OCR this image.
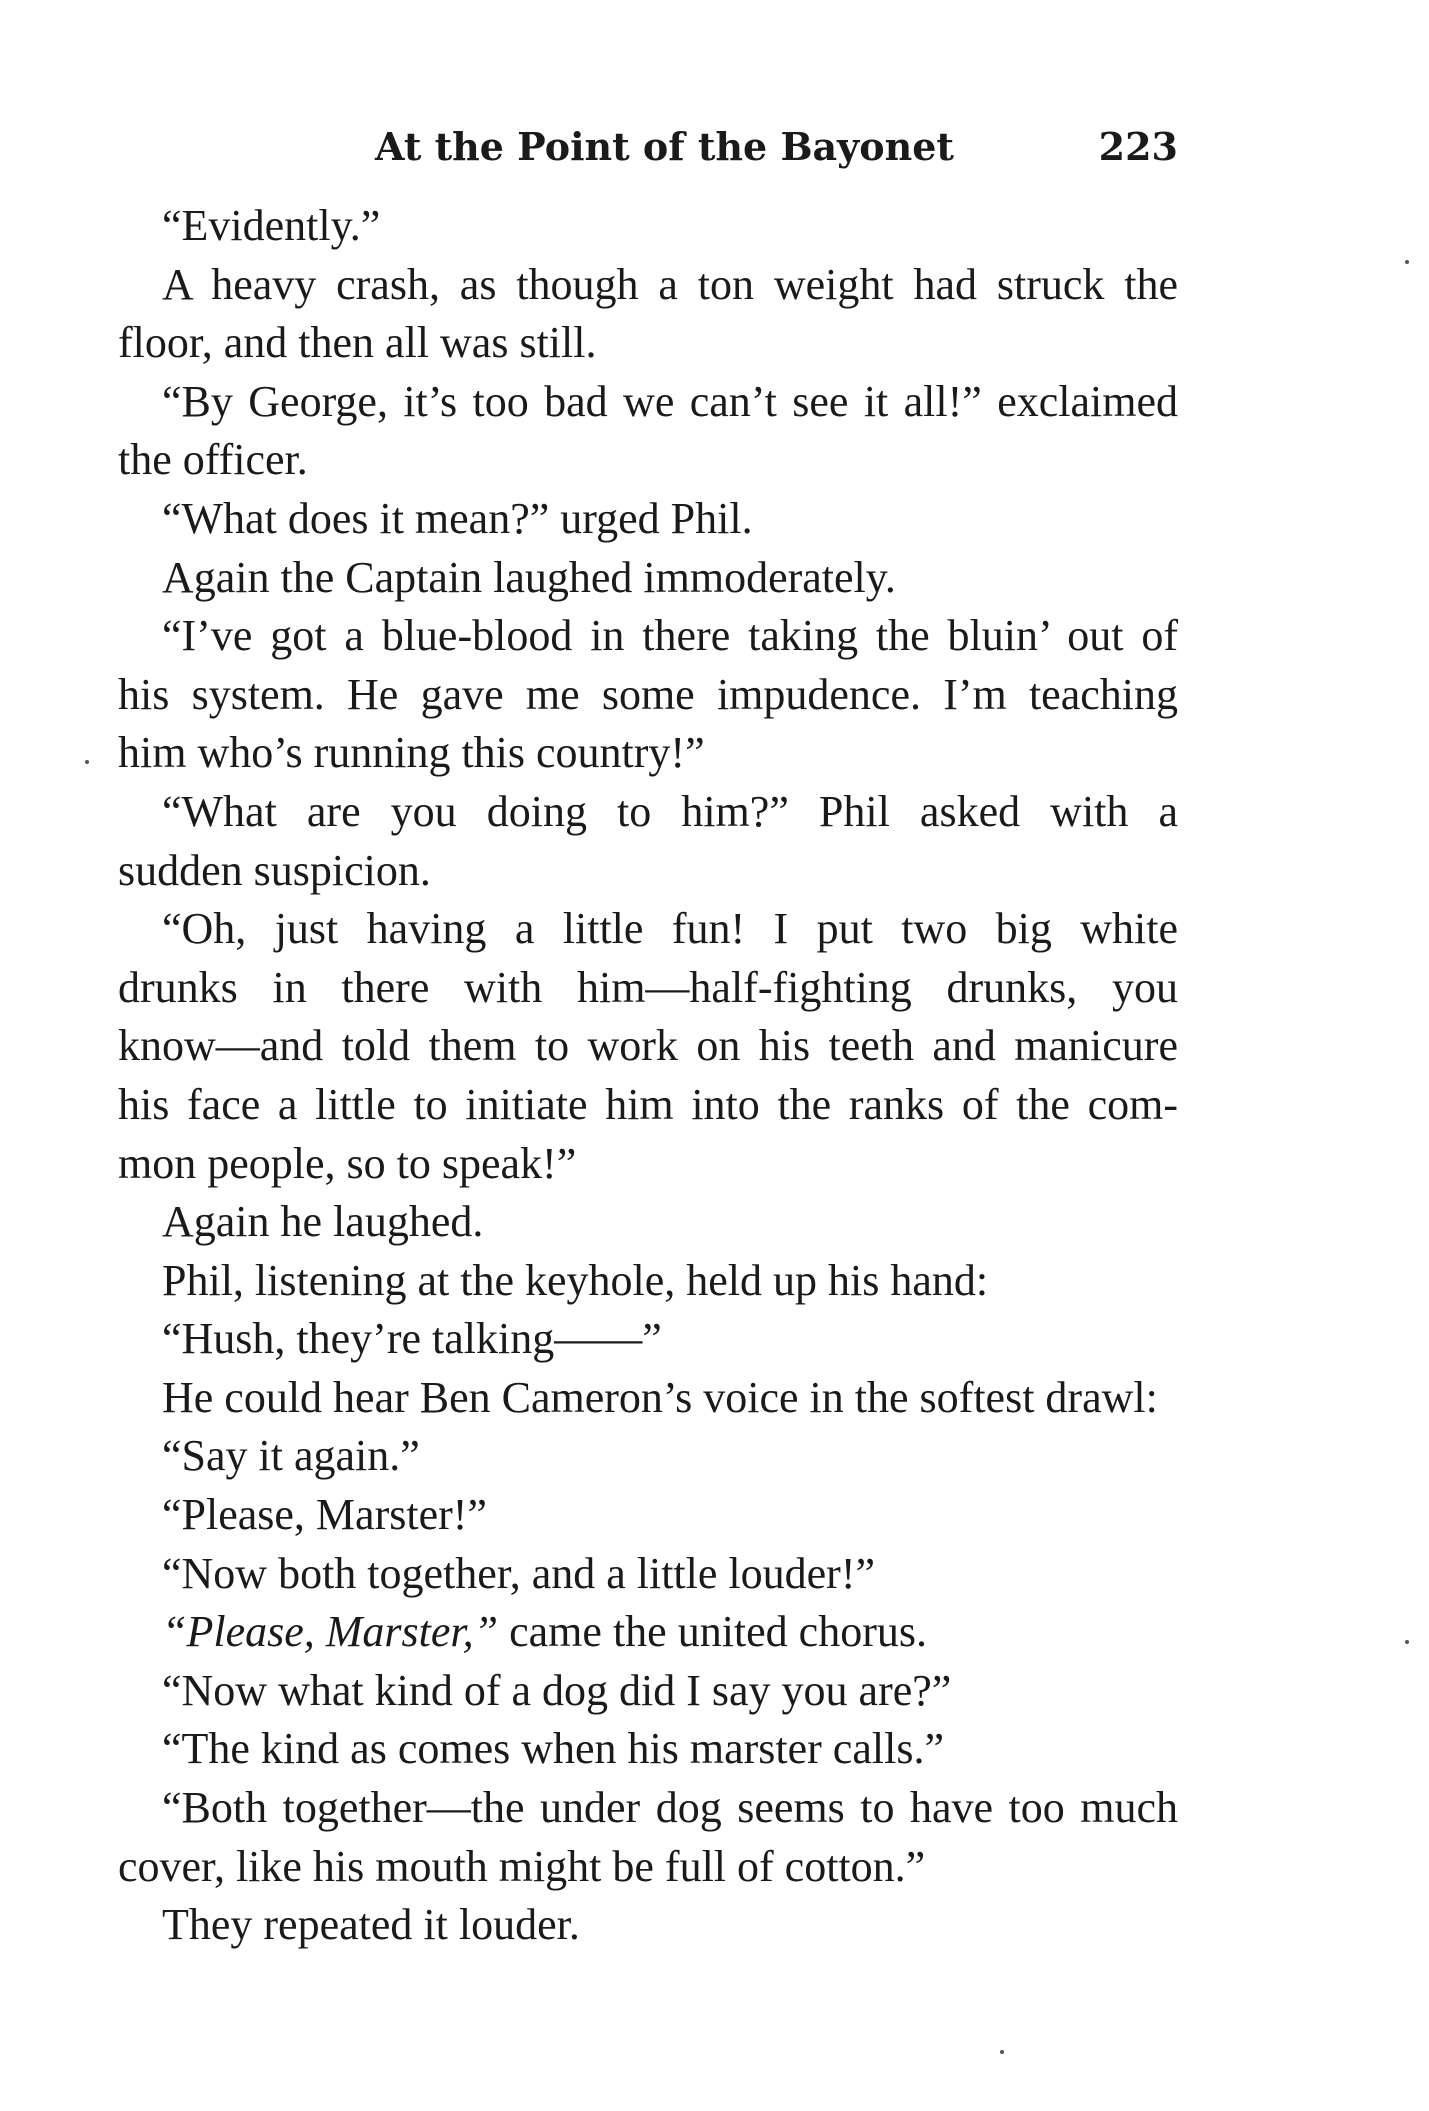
At the Point of the Bayonet	223

“Evidently.”

A heavy crash, as though a ton weight had struck the
floor, and then all was still.
“By George, it’s too bad we can’t see it all!” exclaimed
the officer.
“What does it mean?” urged Phil.
Again the Captain laughed immoderately.
“I’ve got a blue-blood in there taking the bluin’ out of
his system. He gave me some impudence. I’m teaching
him who’s running this country!”
“What are you doing to him?” Phil asked with a
sudden suspicion.
“Oh, just having a little fun! I put two big white
drunks in there with him—half-fighting drunks, you
know—and told them to work on his teeth and manicure
his face a little to initiate him into the ranks of the com-
mon people, so to speak!”
Again he laughed.
Phil, listening at the keyhole, held up his hand:
“Hush, they’re talking——”
He could hear Ben Cameron’s voice in the softest drawl:
“Say it again.”
“Please, Marster!”
“Now both together, and a little louder!”
“Please, Marster,” came the united chorus.
“Now what kind of a dog did I say you are?”
“The kind as comes when his marster calls.”
“Both together—the under dog seems to have too much
cover, like his mouth might be full of cotton.”
They repeated it louder.
